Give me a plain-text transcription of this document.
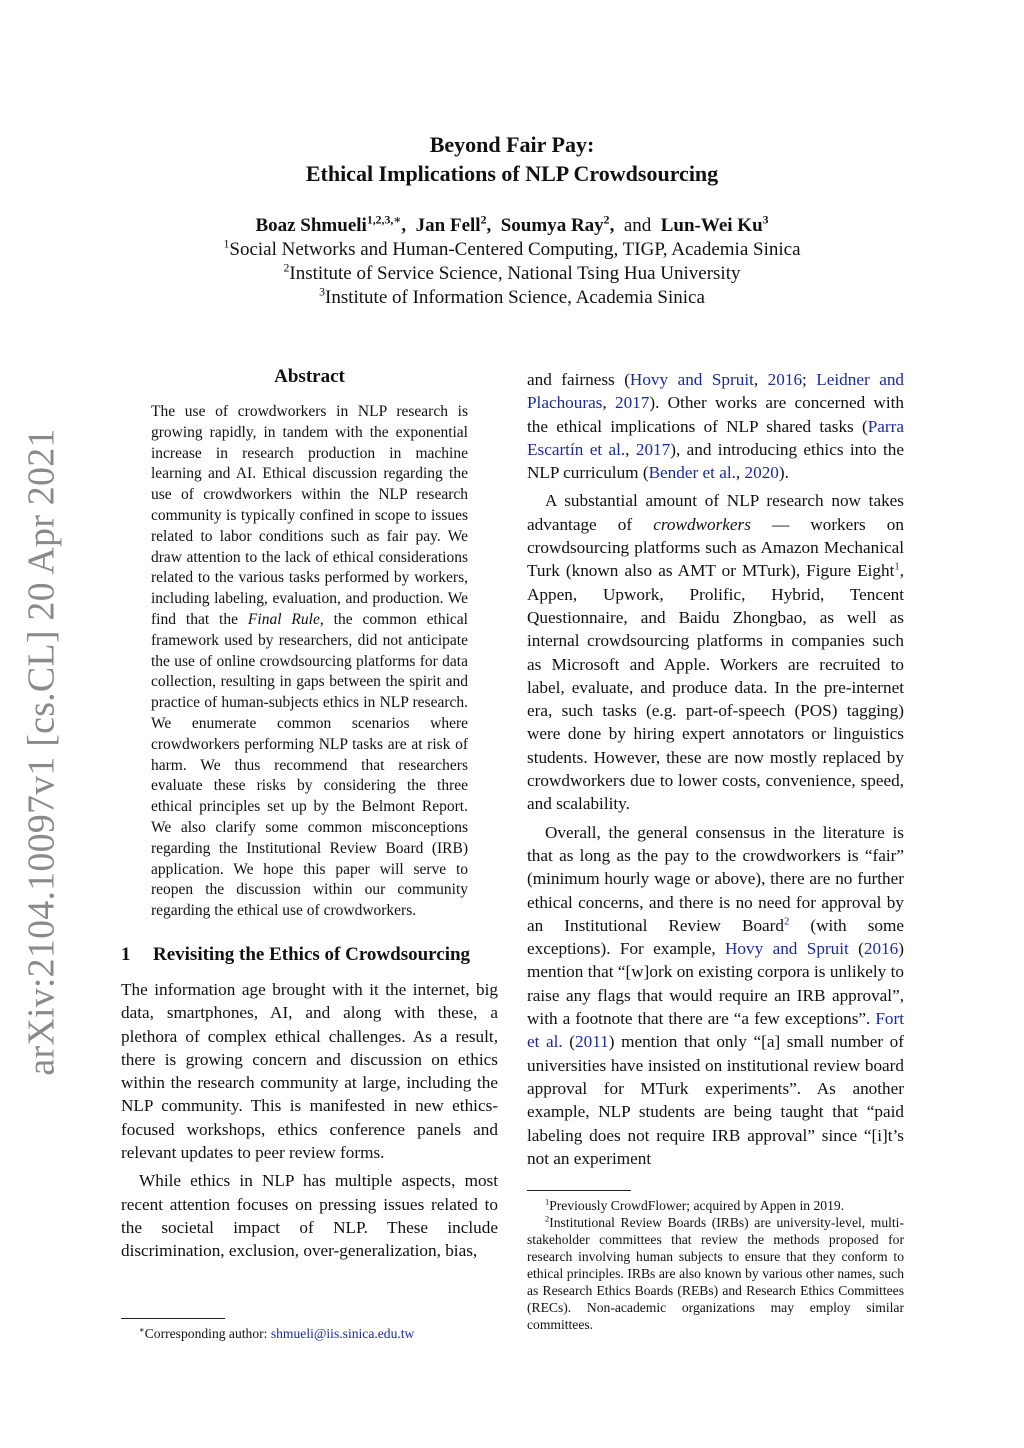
arXiv:2104.10097v1 [cs.CL] 20 Apr 2021
Beyond Fair Pay:
Ethical Implications of NLP Crowdsourcing
Boaz Shmueli$^{1,2,3,∗}$,  Jan Fell$^2$,  Soumya Ray$^2$,  and Lun-Wei Ku$^3$
$^1$Social Networks and Human-Centered Computing, TIGP, Academia Sinica
$^2$Institute of Service Science, National Tsing Hua University
$^3$Institute of Information Science, Academia Sinica
Abstract
The use of crowdworkers in NLP research is growing rapidly, in tandem with the exponential increase in research production in machine learning and AI. Ethical discussion regarding the use of crowdworkers within the NLP research community is typically confined in scope to issues related to labor conditions such as fair pay. We draw attention to the lack of ethical considerations related to the various tasks performed by workers, including labeling, evaluation, and production. We find that the Final Rule, the common ethical framework used by researchers, did not anticipate the use of online crowdsourcing platforms for data collection, resulting in gaps between the spirit and practice of human-subjects ethics in NLP research. We enumerate common scenarios where crowdworkers performing NLP tasks are at risk of harm. We thus recommend that researchers evaluate these risks by considering the three ethical principles set up by the Belmont Report. We also clarify some common misconceptions regarding the Institutional Review Board (IRB) application. We hope this paper will serve to reopen the discussion within our community regarding the ethical use of crowdworkers.
1 Revisiting the Ethics of Crowdsourcing

The information age brought with it the internet, big data, smartphones, AI, and along with these, a plethora of complex ethical challenges. As a result, there is growing concern and discussion on ethics within the research community at large, including the NLP community. This is manifested in new ethics-focused workshops, ethics conference panels and relevant updates to peer review forms.

While ethics in NLP has multiple aspects, most recent attention focuses on pressing issues related to the societal impact of NLP. These include discrimination, exclusion, over-generalization, bias,

∗Corresponding author: shmueli@iis.sinica.edu.tw

and fairness (Hovy and Spruit, 2016; Leidner and Plachouras, 2017). Other works are concerned with the ethical implications of NLP shared tasks (Parra Escartín et al., 2017), and introducing ethics into the NLP curriculum (Bender et al., 2020).

A substantial amount of NLP research now takes advantage of crowdworkers — workers on crowdsourcing platforms such as Amazon Mechanical Turk (known also as AMT or MTurk), Figure Eight$^1$, Appen, Upwork, Prolific, Hybrid, Tencent Questionnaire, and Baidu Zhongbao, as well as internal crowdsourcing platforms in companies such as Microsoft and Apple. Workers are recruited to label, evaluate, and produce data. In the pre-internet era, such tasks (e.g. part-of-speech (POS) tagging) were done by hiring expert annotators or linguistics students. However, these are now mostly replaced by crowdworkers due to lower costs, convenience, speed, and scalability.

Overall, the general consensus in the literature is that as long as the pay to the crowdworkers is “fair” (minimum hourly wage or above), there are no further ethical concerns, and there is no need for approval by an Institutional Review Board$^2$ (with some exceptions). For example, Hovy and Spruit (2016) mention that “[w]ork on existing corpora is unlikely to raise any flags that would require an IRB approval”, with a footnote that there are “a few exceptions”. Fort et al. (2011) mention that only “[a] small number of universities have insisted on institutional review board approval for MTurk experiments”. As another example, NLP students are being taught that “paid labeling does not require IRB approval” since “[i]t’s not an experiment

$^1$Previously CrowdFlower; acquired by Appen in 2019.

$^2$Institutional Review Boards (IRBs) are university-level, multi-stakeholder committees that review the methods proposed for research involving human subjects to ensure that they conform to ethical principles. IRBs are also known by various other names, such as Research Ethics Boards (REBs) and Research Ethics Committees (RECs). Non-academic organizations may employ similar committees.
